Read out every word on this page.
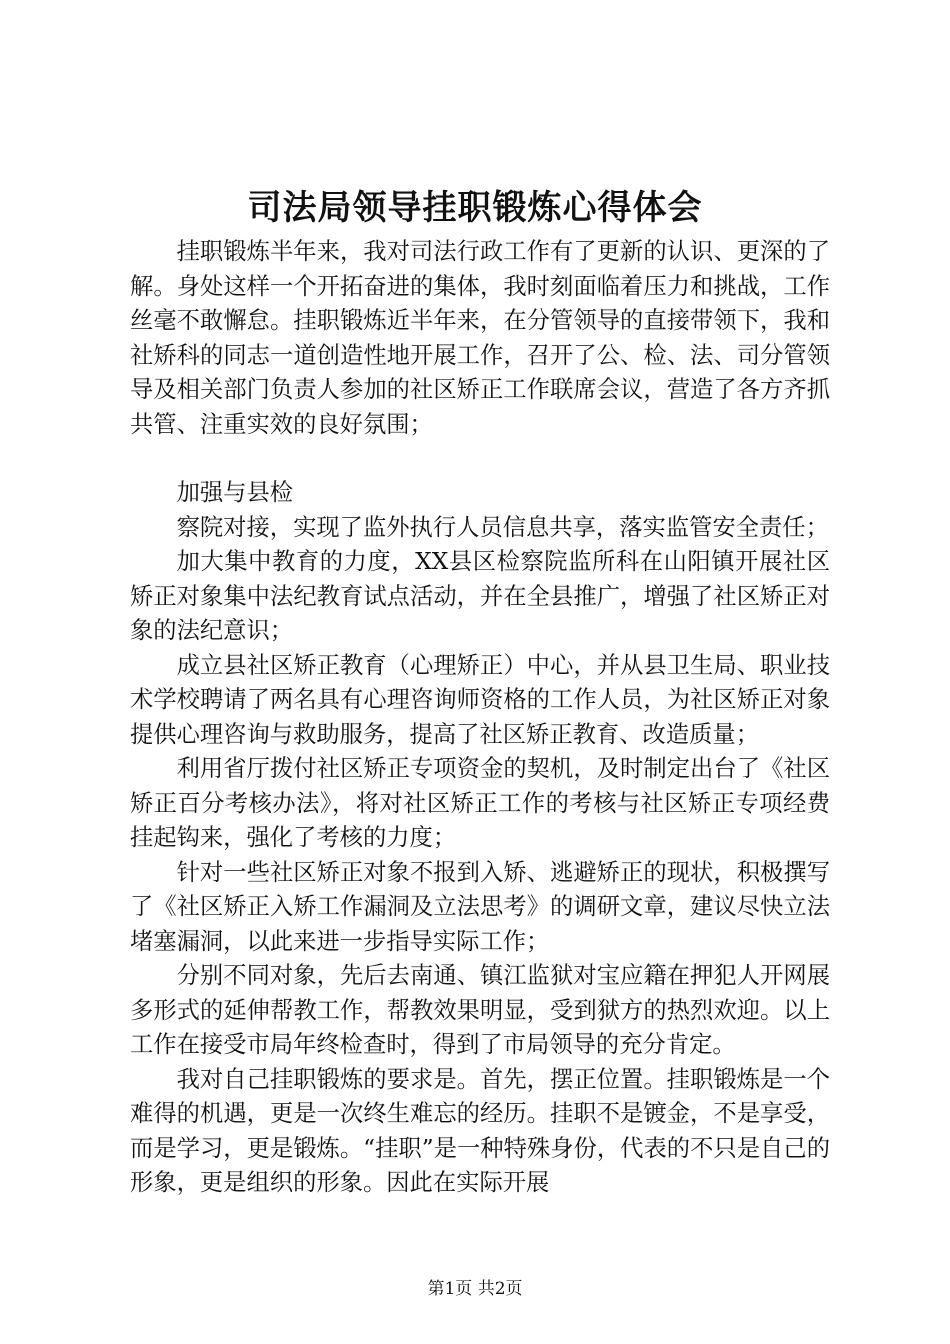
司法局领导挂职锻炼心得体会

挂职锻炼半年来，我对司法行政工作有了更新的认识、更深的了解。身处这样一个开拓奋进的集体，我时刻面临着压力和挑战，工作丝毫不敢懈怠。挂职锻炼近半年来，在分管领导的直接带领下，我和社矫科的同志一道创造性地开展工作，召开了公、检、法、司分管领导及相关部门负责人参加的社区矫正工作联席会议，营造了各方齐抓共管、注重实效的良好氛围；

加强与县检

察院对接，实现了监外执行人员信息共享，落实监管安全责任；

加大集中教育的力度，XX县区检察院监所科在山阳镇开展社区矫正对象集中法纪教育试点活动，并在全县推广，增强了社区矫正对象的法纪意识；

成立县社区矫正教育（心理矫正）中心，并从县卫生局、职业技术学校聘请了两名具有心理咨询师资格的工作人员，为社区矫正对象提供心理咨询与救助服务，提高了社区矫正教育、改造质量；

利用省厅拨付社区矫正专项资金的契机，及时制定出台了《社区矫正百分考核办法》，将对社区矫正工作的考核与社区矫正专项经费挂起钩来，强化了考核的力度；

针对一些社区矫正对象不报到入矫、逃避矫正的现状，积极撰写了《社区矫正入矫工作漏洞及立法思考》的调研文章，建议尽快立法堵塞漏洞，以此来进一步指导实际工作；

分别不同对象，先后去南通、镇江监狱对宝应籍在押犯人开网展多形式的延伸帮教工作，帮教效果明显，受到狱方的热烈欢迎。以上工作在接受市局年终检查时，得到了市局领导的充分肯定。

我对自己挂职锻炼的要求是。首先，摆正位置。挂职锻炼是一个难得的机遇，更是一次终生难忘的经历。挂职不是镀金，不是享受，而是学习，更是锻炼。“挂职”是一种特殊身份，代表的不只是自己的形象，更是组织的形象。因此在实际开展

第1页 共2页
